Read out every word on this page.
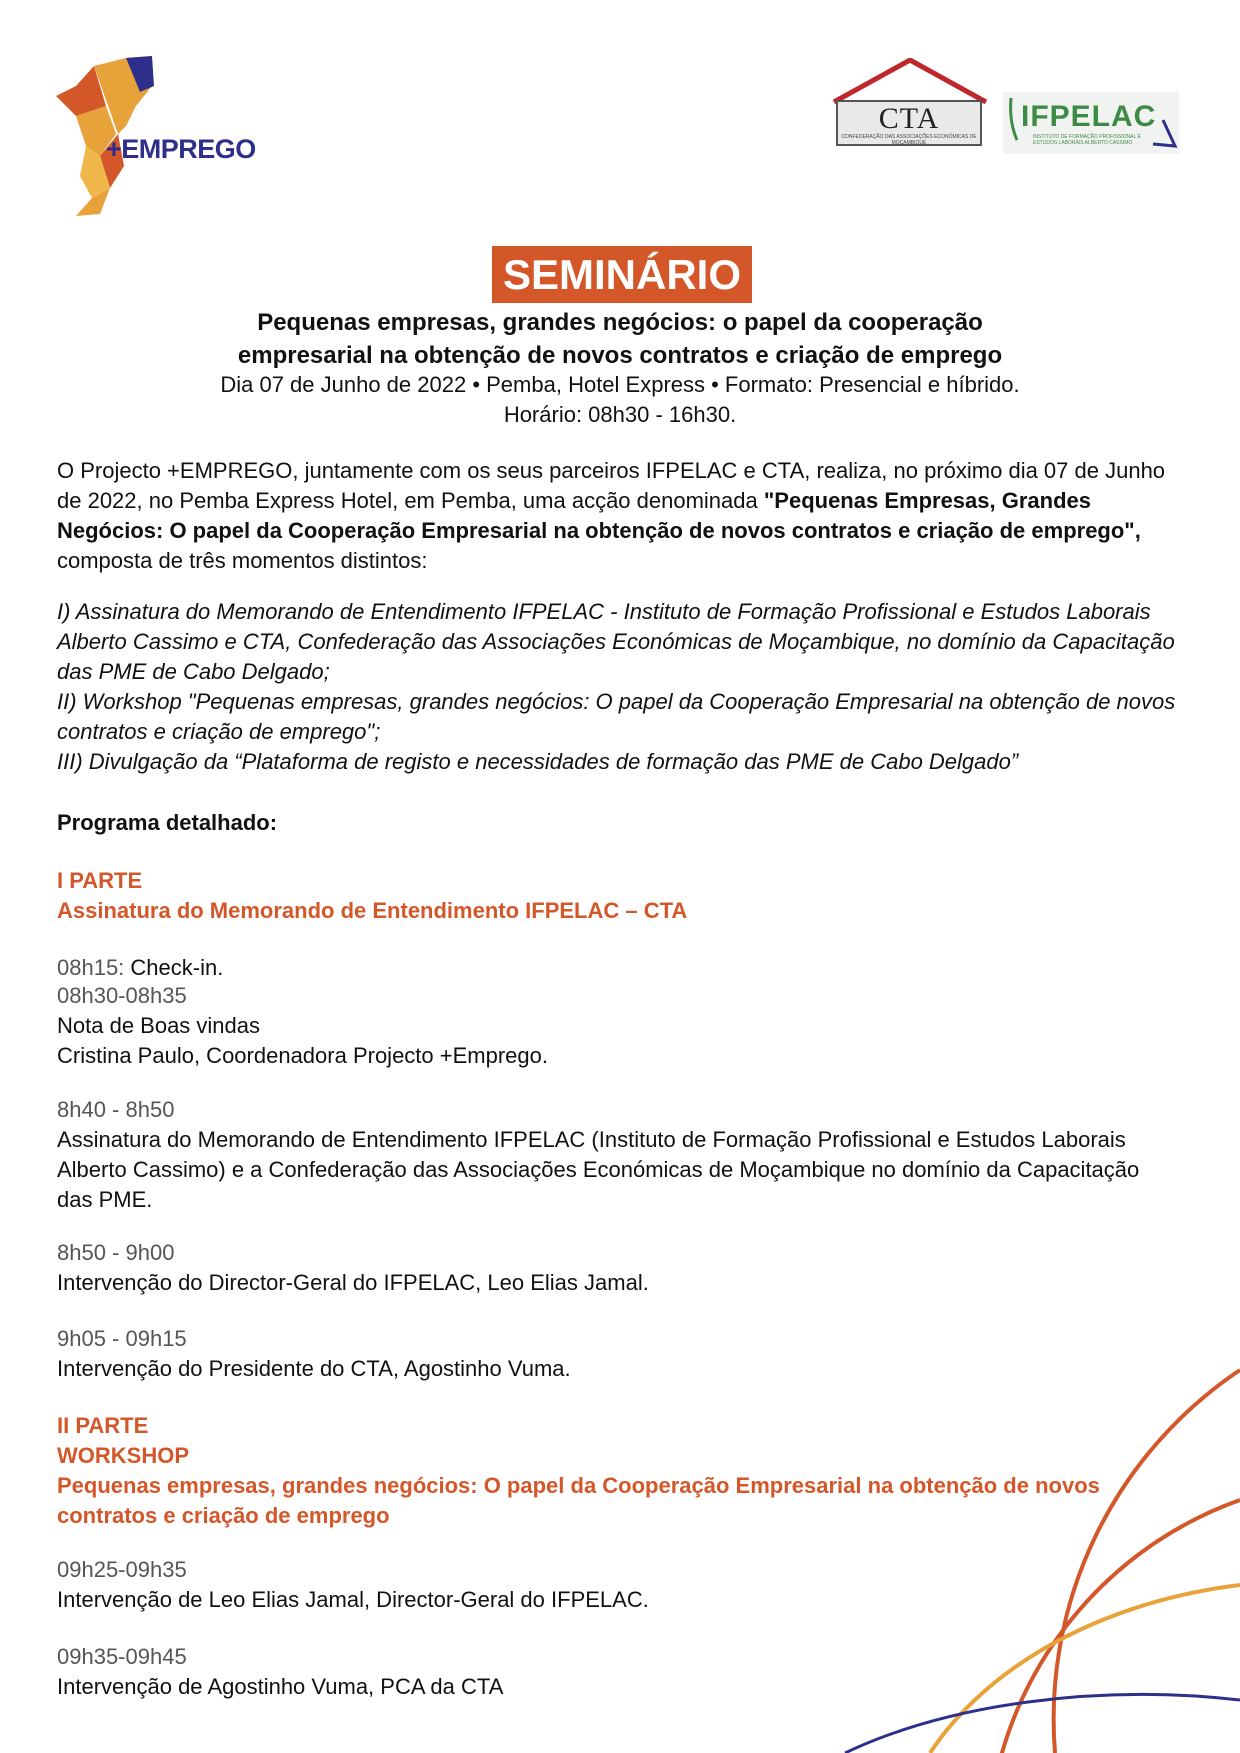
+EMPREGO
CTA
CONFEDERAÇÃO DAS ASSOCIAÇÕES ECONÓMICAS DE MOÇAMBIQUE
IFPELAC
INSTITUTO DE FORMAÇÃO PROFISSIONAL E ESTUDOS LABORAIS ALBERTO CASSIMO
SEMINÁRIO
Pequenas empresas, grandes negócios: o papel da cooperação
empresarial na obtenção de novos contratos e criação de emprego
Dia 07 de Junho de 2022 • Pemba, Hotel Express • Formato: Presencial e híbrido.
Horário: 08h30 - 16h30.

O Projecto +EMPREGO, juntamente com os seus parceiros IFPELAC e CTA, realiza, no próximo dia 07 de Junho de 2022, no Pemba Express Hotel, em Pemba, uma acção denominada "Pequenas Empresas, Grandes Negócios: O papel da Cooperação Empresarial na obtenção de novos contratos e criação de emprego", composta de três momentos distintos:

I) Assinatura do Memorando de Entendimento IFPELAC - Instituto de Formação Profissional e Estudos Laborais Alberto Cassimo e CTA, Confederação das Associações Económicas de Moçambique, no domínio da Capacitação das PME de Cabo Delgado;
II) Workshop "Pequenas empresas, grandes negócios: O papel da Cooperação Empresarial na obtenção de novos contratos e criação de emprego";
III) Divulgação da “Plataforma de registo e necessidades de formação das PME de Cabo Delgado”
Programa detalhado:
I PARTE
Assinatura do Memorando de Entendimento IFPELAC – CTA
08h15: Check-in.
08h30-08h35
Nota de Boas vindas
Cristina Paulo, Coordenadora Projecto +Emprego.
8h40 - 8h50
Assinatura do Memorando de Entendimento IFPELAC (Instituto de Formação Profissional e Estudos Laborais Alberto Cassimo) e a Confederação das Associações Económicas de Moçambique no domínio da Capacitação das PME.
8h50 - 9h00
Intervenção do Director-Geral do IFPELAC, Leo Elias Jamal.
9h05 - 09h15
Intervenção do Presidente do CTA, Agostinho Vuma.
II PARTE
WORKSHOP
Pequenas empresas, grandes negócios: O papel da Cooperação Empresarial na obtenção de novos contratos e criação de emprego
09h25-09h35
Intervenção de Leo Elias Jamal, Director-Geral do IFPELAC.
09h35-09h45
Intervenção de Agostinho Vuma, PCA da CTA
